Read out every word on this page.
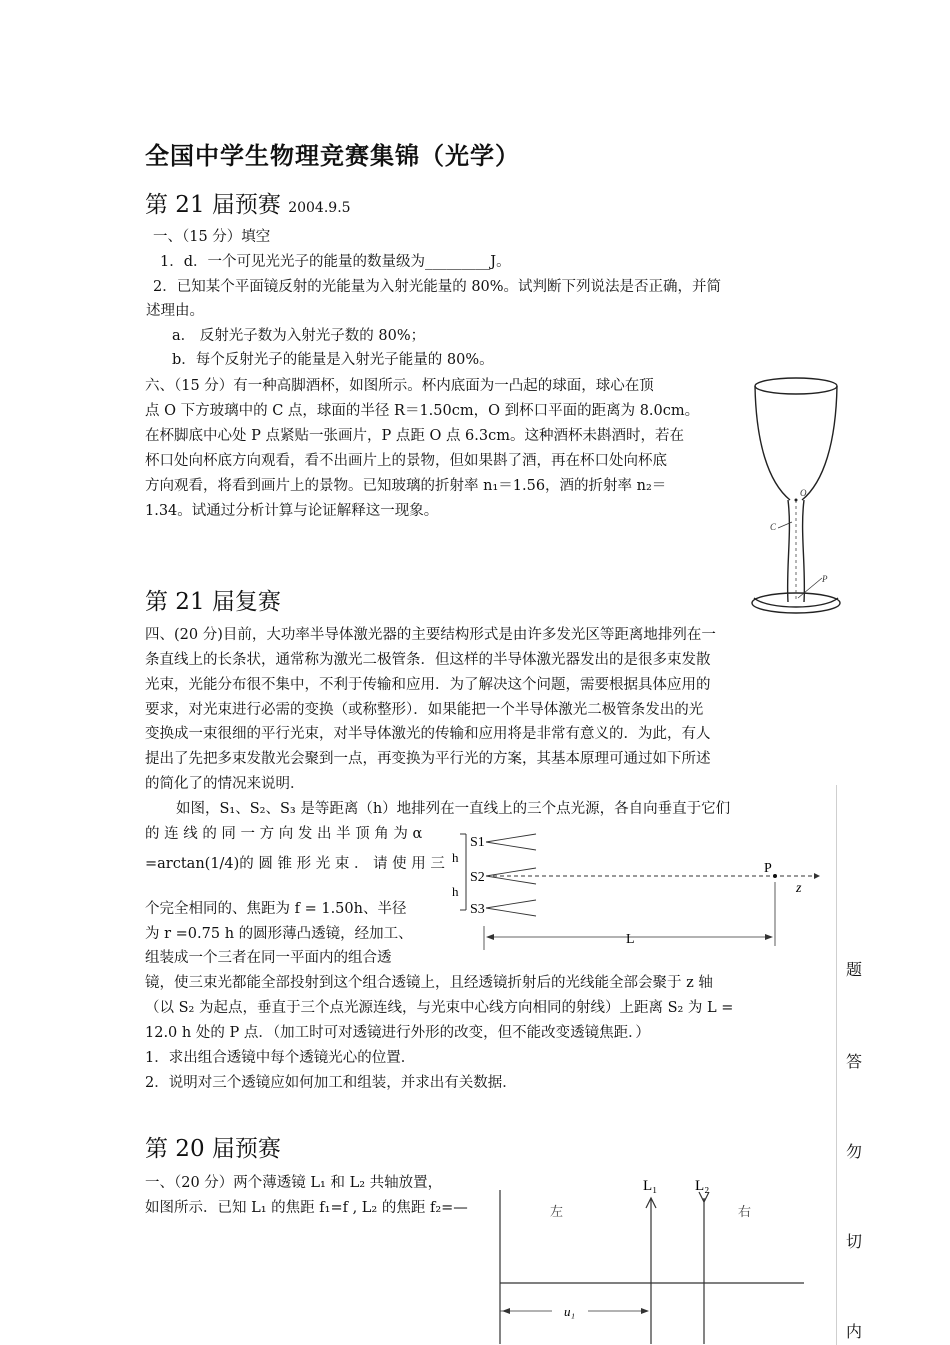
全国中学生物理竞赛集锦（光学）
第 21 届预赛 2004.9.5
一、（15 分）填空
1．d．一个可见光光子的能量的数量级为_________J。
2．已知某个平面镜反射的光能量为入射光能量的 80%。试判断下列说法是否正确，并简
述理由。
a． 反射光子数为入射光子数的 80%；
b．每个反射光子的能量是入射光子能量的 80%。
六、（15 分）有一种高脚酒杯，如图所示。杯内底面为一凸起的球面，球心在顶
点 O 下方玻璃中的 C 点，球面的半径 R＝1.50cm，O 到杯口平面的距离为 8.0cm。
在杯脚底中心处 P 点紧贴一张画片，P 点距 O 点 6.3cm。这种酒杯未斟酒时，若在
杯口处向杯底方向观看，看不出画片上的景物，但如果斟了酒，再在杯口处向杯底
方向观看，将看到画片上的景物。已知玻璃的折射率 n₁＝1.56，酒的折射率 n₂＝
1.34。试通过分析计算与论证解释这一现象。
O
C
P
第 21 届复赛
四、(20 分)目前，大功率半导体激光器的主要结构形式是由许多发光区等距离地排列在一
条直线上的长条状，通常称为激光二极管条．但这样的半导体激光器发出的是很多束发散
光束，光能分布很不集中，不利于传输和应用．为了解决这个问题，需要根据具体应用的
要求，对光束进行必需的变换（或称整形）．如果能把一个半导体激光二极管条发出的光
变换成一束很细的平行光束，对半导体激光的传输和应用将是非常有意义的．为此，有人
提出了先把多束发散光会聚到一点，再变换为平行光的方案，其基本原理可通过如下所述
的简化了的情况来说明．
如图，S₁、S₂、S₃ 是等距离（h）地排列在一直线上的三个点光源，各自向垂直于它们
的 连 线 的 同 一 方 向 发 出 半 顶 角 为 α
=arctan(1/4)的 圆 锥 形 光 束 ． 请 使 用 三
个完全相同的、焦距为 f = 1.50h、半径
为 r =0.75 h 的圆形薄凸透镜，经加工、
组装成一个三者在同一平面内的组合透
S1
S2
S3
h
h
P
z
L
镜，使三束光都能全部投射到这个组合透镜上，且经透镜折射后的光线能全部会聚于 z 轴
（以 S₂ 为起点，垂直于三个点光源连线，与光束中心线方向相同的射线）上距离 S₂ 为 L =
12.0 h 处的 P 点．（加工时可对透镜进行外形的改变，但不能改变透镜焦距．）
1．求出组合透镜中每个透镜光心的位置．
2．说明对三个透镜应如何加工和组装，并求出有关数据．
第 20 届预赛
一、（20 分）两个薄透镜 L₁ 和 L₂ 共轴放置，
如图所示．已知 L₁ 的焦距 f₁=f , L₂ 的焦距 f₂=—
L₁	L₂
左	右
u₁
题
答
勿
切
内
